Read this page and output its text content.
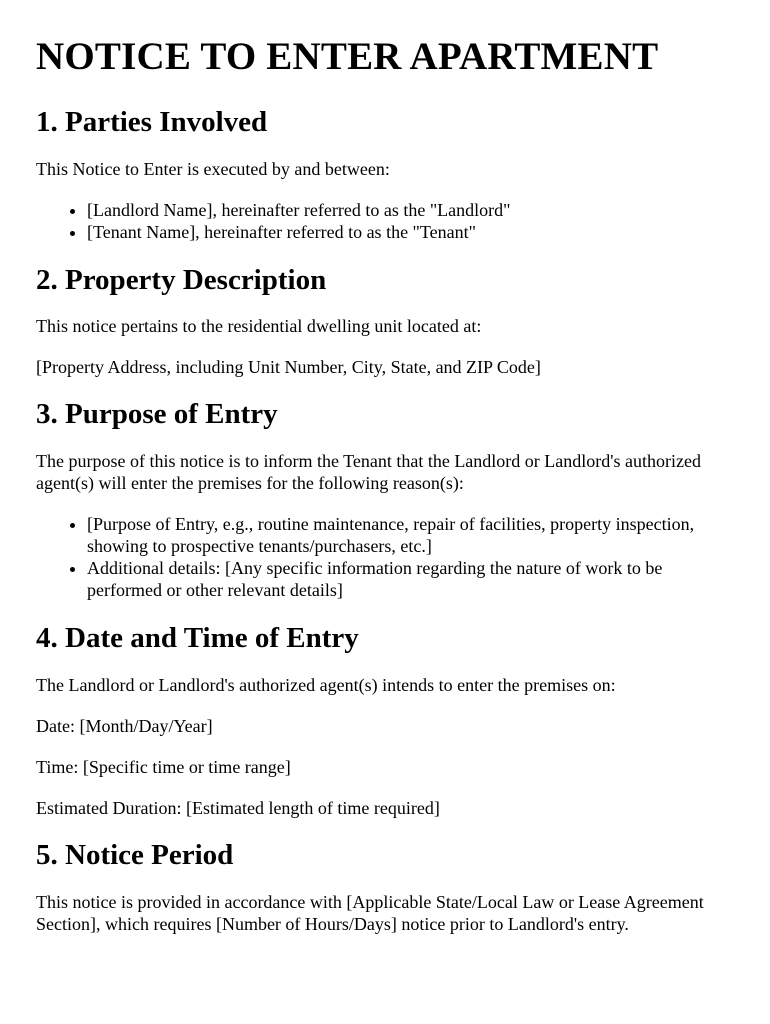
NOTICE TO ENTER APARTMENT
1. Parties Involved

This Notice to Enter is executed by and between:

• [Landlord Name], hereinafter referred to as the "Landlord"
• [Tenant Name], hereinafter referred to as the "Tenant"
2. Property Description

This notice pertains to the residential dwelling unit located at:

[Property Address, including Unit Number, City, State, and ZIP Code]

3. Purpose of Entry

The purpose of this notice is to inform the Tenant that the Landlord or Landlord's authorized agent(s) will enter the premises for the following reason(s):

• [Purpose of Entry, e.g., routine maintenance, repair of facilities, property inspection, showing to prospective tenants/purchasers, etc.]
• Additional details: [Any specific information regarding the nature of work to be performed or other relevant details]
4. Date and Time of Entry

The Landlord or Landlord's authorized agent(s) intends to enter the premises on:

Date: [Month/Day/Year]

Time: [Specific time or time range]

Estimated Duration: [Estimated length of time required]

5. Notice Period

This notice is provided in accordance with [Applicable State/Local Law or Lease Agreement Section], which requires [Number of Hours/Days] notice prior to Landlord's entry.
